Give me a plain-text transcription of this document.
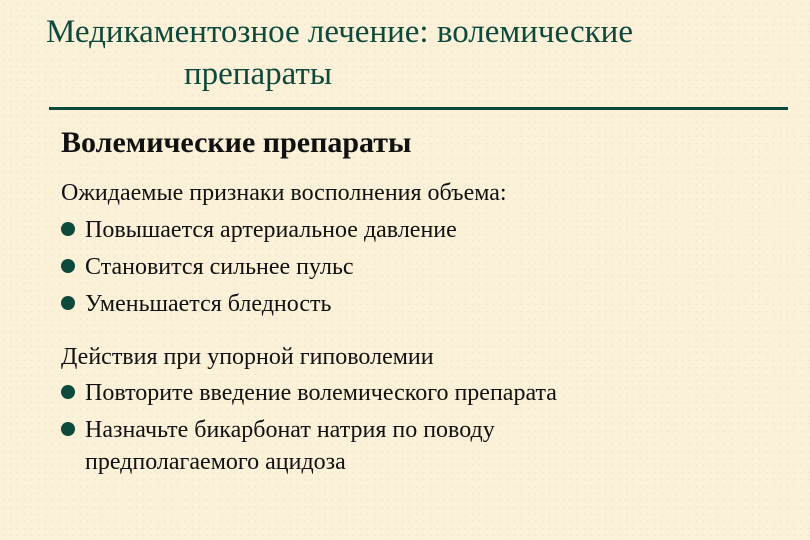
Медикаментозное лечение: волемические
препараты
Волемические препараты
Ожидаемые признаки восполнения объема:
Повышается артериальное давление
Становится сильнее пульс
Уменьшается бледность
Действия при упорной гиповолемии
Повторите введение волемического препарата
Назначьте бикарбонат натрия по поводу
предполагаемого ацидоза
